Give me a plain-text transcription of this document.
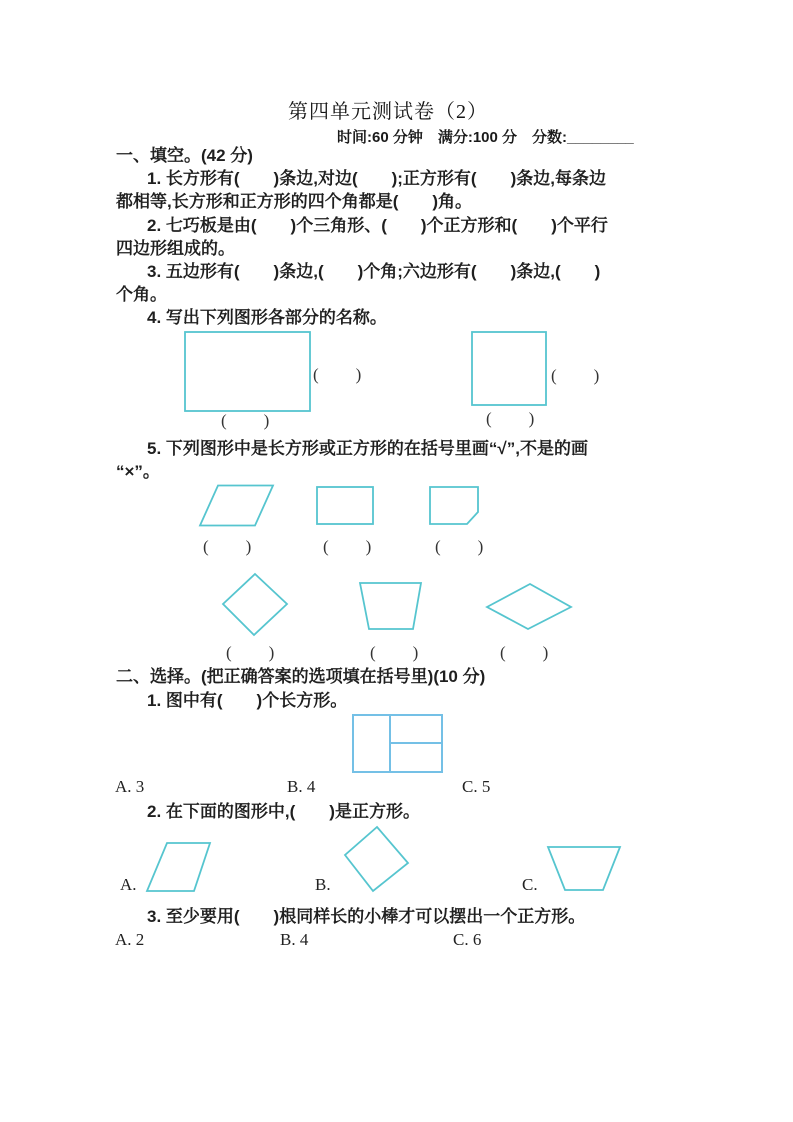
第四单元测试卷（2）
时间:60 分钟　满分:100 分　分数:________
一、填空。(42 分)
1. 长方形有(　　)条边,对边(　　);正方形有(　　)条边,每条边
都相等,长方形和正方形的四个角都是(　　)角。
2. 七巧板是由(　　)个三角形、(　　)个正方形和(　　)个平行
四边形组成的。
3. 五边形有(　　)条边,(　　)个角;六边形有(　　)条边,(　　)
个角。
4. 写出下列图形各部分的名称。
(　　)
(　　)
(　　)
(　　)
5. 下列图形中是长方形或正方形的在括号里画“√”,不是的画
“×”。
(　　)	(　　)	(　　)
(　　)	(　　)	(　　)
二、选择。(把正确答案的选项填在括号里)(10 分)
1. 图中有(　　)个长方形。
A. 3	B. 4	C. 5
2. 在下面的图形中,(　　)是正方形。
A.	B.	C.
3. 至少要用(　　)根同样长的小棒才可以摆出一个正方形。
A. 2	B. 4	C. 6
